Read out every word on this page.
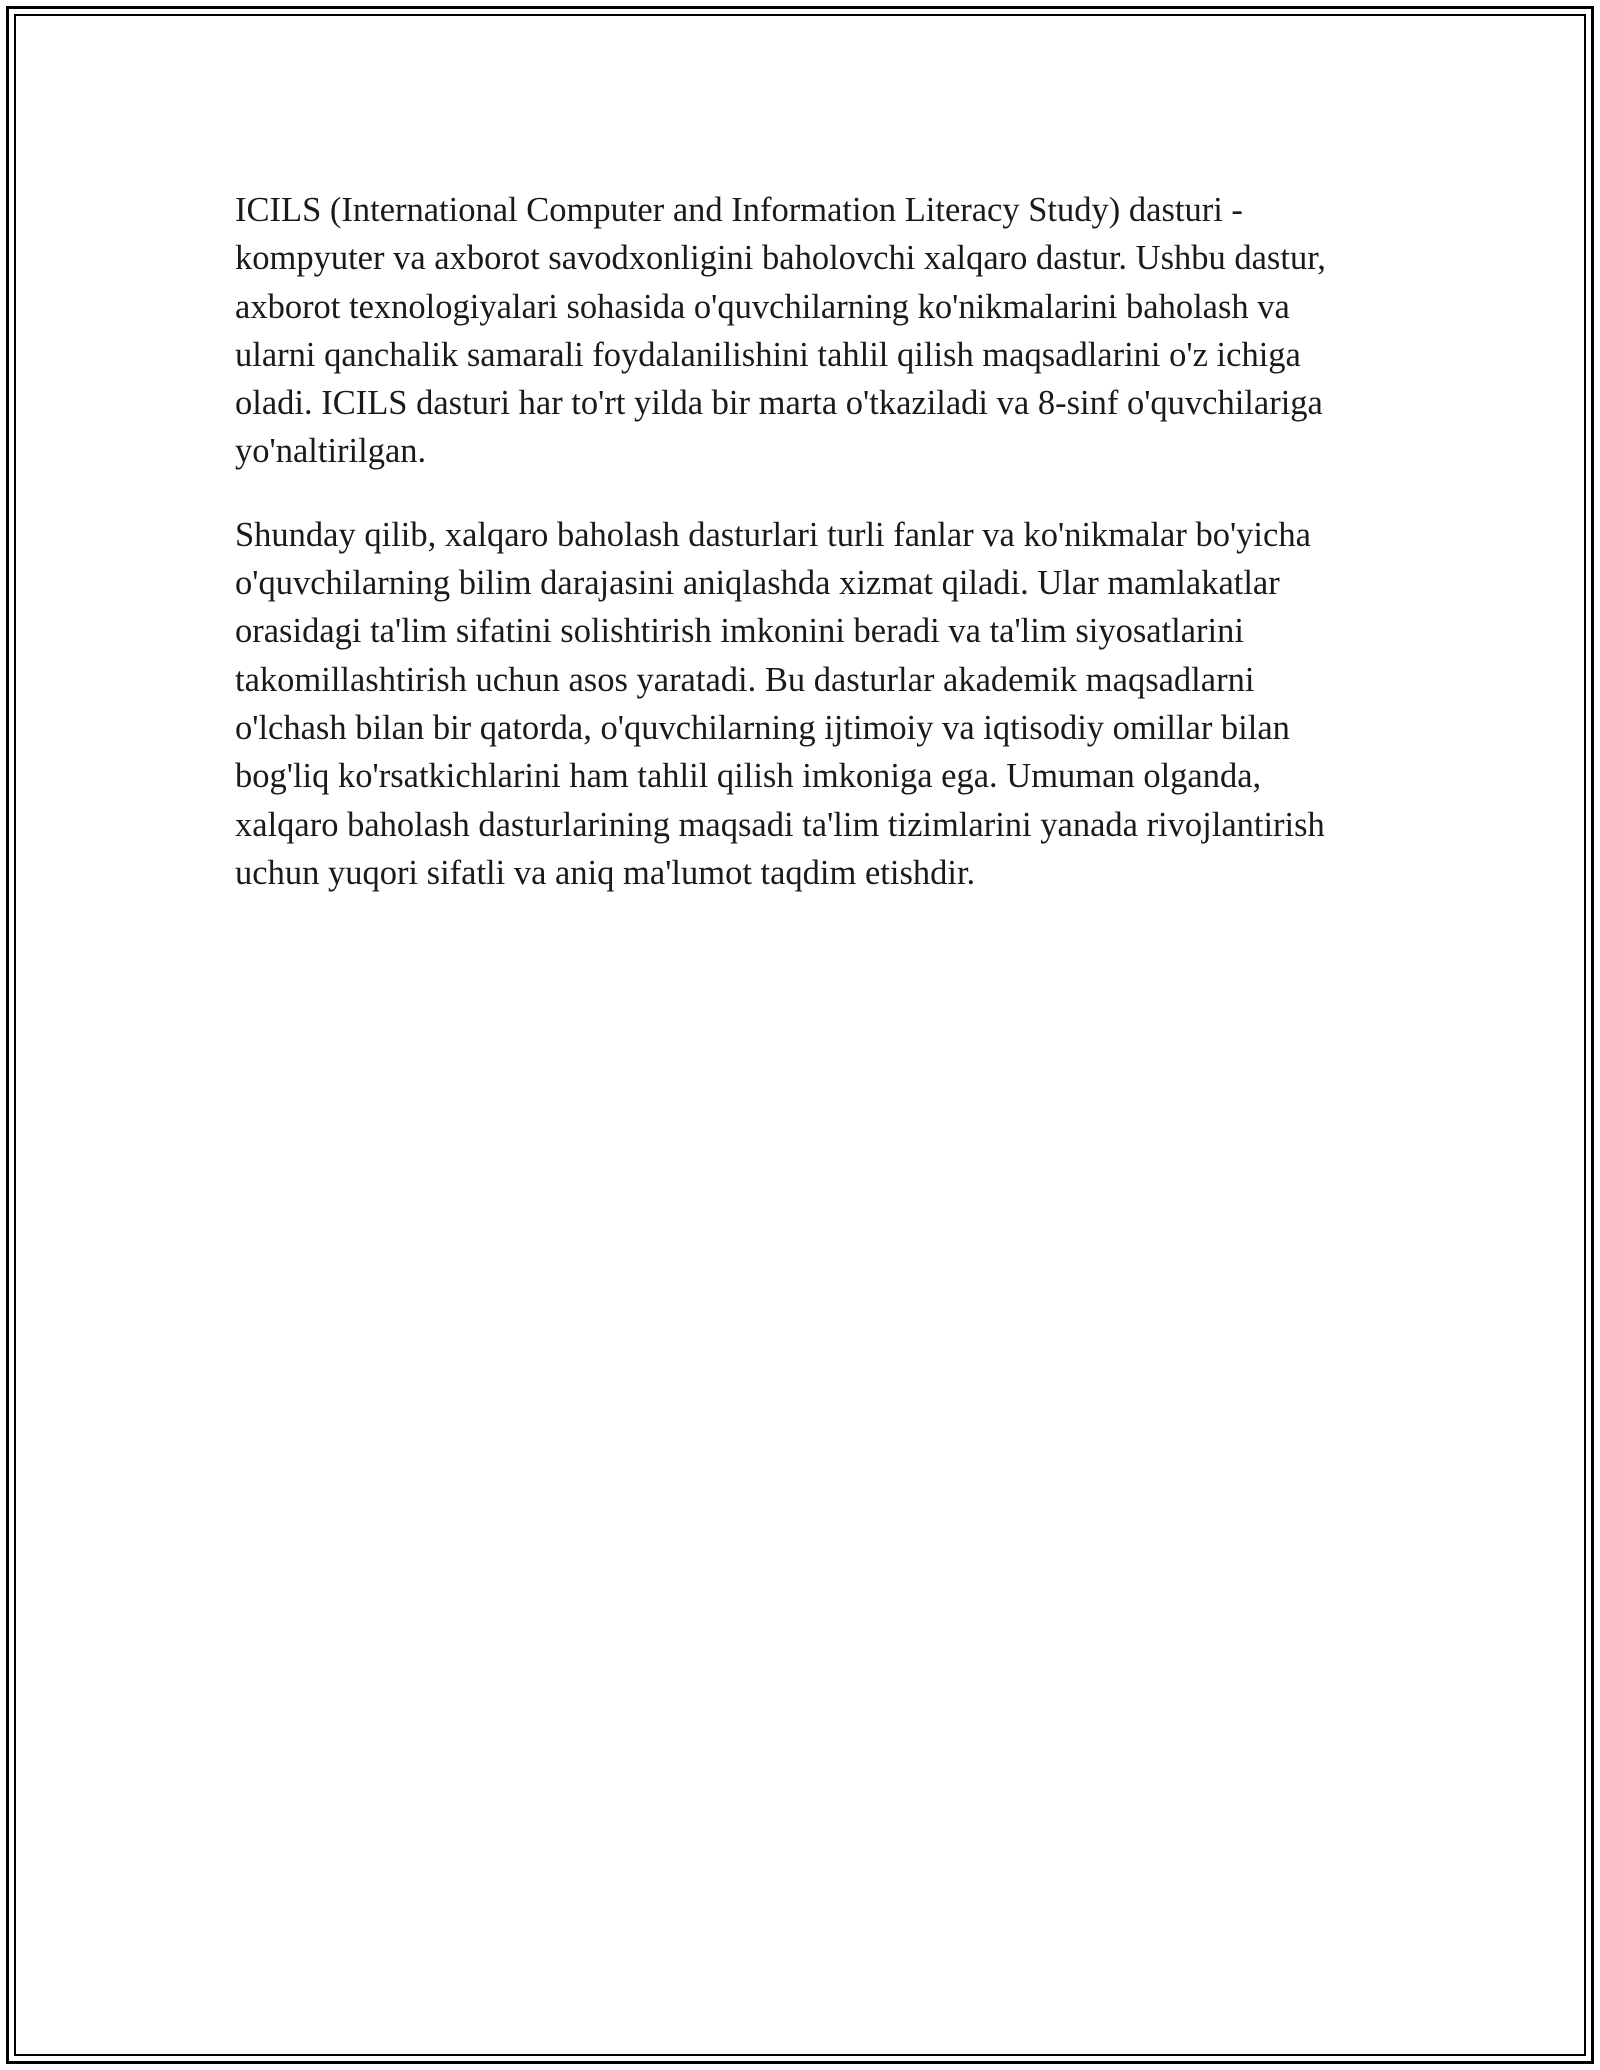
ICILS (International Computer and Information Literacy Study) dasturi - kompyuter va axborot savodxonligini baholovchi xalqaro dastur. Ushbu dastur, axborot texnologiyalari sohasida o'quvchilarning ko'nikmalarini baholash va ularni qanchalik samarali foydalanilishini tahlil qilish maqsadlarini o'z ichiga oladi. ICILS dasturi har to'rt yilda bir marta o'tkaziladi va 8-sinf o'quvchilariga yo'naltirilgan.

Shunday qilib, xalqaro baholash dasturlari turli fanlar va ko'nikmalar bo'yicha o'quvchilarning bilim darajasini aniqlashda xizmat qiladi. Ular mamlakatlar orasidagi ta'lim sifatini solishtirish imkonini beradi va ta'lim siyosatlarini takomillashtirish uchun asos yaratadi. Bu dasturlar akademik maqsadlarni o'lchash bilan bir qatorda, o'quvchilarning ijtimoiy va iqtisodiy omillar bilan bog'liq ko'rsatkichlarini ham tahlil qilish imkoniga ega. Umuman olganda, xalqaro baholash dasturlarining maqsadi ta'lim tizimlarini yanada rivojlantirish uchun yuqori sifatli va aniq ma'lumot taqdim etishdir.
